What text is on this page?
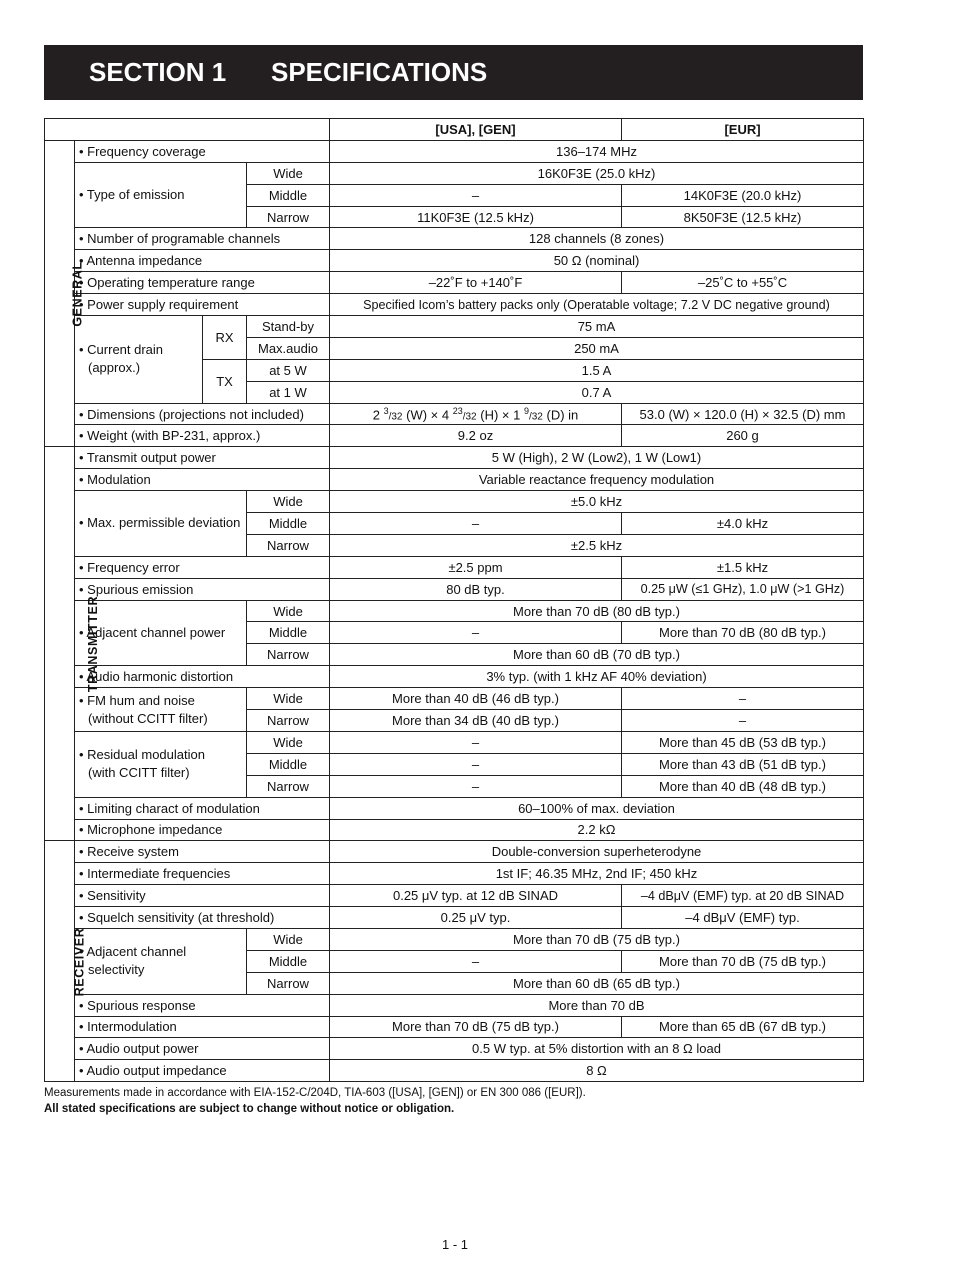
SECTION 1	SPECIFICATIONS
				[USA], [GEN]	[EUR]
GENERAL	• Frequency coverage			136–174 MHz	
	• Type of emission		Wide	16K0F3E (25.0 kHz)	
			Middle	–	14K0F3E (20.0 kHz)
			Narrow	11K0F3E (12.5 kHz)	8K50F3E (12.5 kHz)
	• Number of programable channels			128 channels (8 zones)	
	• Antenna impedance			50 Ω (nominal)	
	• Operating temperature range			–22˚F to +140˚F	–25˚C to +55˚C
	• Power supply requirement			Specified Icom’s battery packs only (Operatable voltage; 7.2 V DC negative ground)	
	• Current drain
(approx.)	RX	Stand-by	75 mA	
			Max.audio	250 mA	
		TX	at 5 W	1.5 A	
			at 1 W	0.7 A	
	• Dimensions (projections not included)			2 $^3$/32 (W) × 4 $^{23}$/32 (H) × 1 $^9$/32 (D) in	53.0 (W) × 120.0 (H) × 32.5 (D) mm
	• Weight (with BP-231, approx.)			9.2 oz	260 g
TRANSMITTER	• Transmit output power			5 W (High), 2 W (Low2), 1 W (Low1)	
	• Modulation			Variable reactance frequency modulation	
	• Max. permissible deviation		Wide	±5.0 kHz	
			Middle	–	±4.0 kHz
			Narrow	±2.5 kHz	
	• Frequency error			±2.5 ppm	±1.5 kHz
	• Spurious emission			80 dB typ.	0.25 μW (≤1 GHz), 1.0 μW (>1 GHz)
	• Adjacent channel power		Wide	More than 70 dB (80 dB typ.)	
			Middle	–	More than 70 dB (80 dB typ.)
			Narrow	More than 60 dB (70 dB typ.)	
	• Audio harmonic distortion			3% typ. (with 1 kHz AF 40% deviation)	
	• FM hum and noise
(without CCITT filter)		Wide	More than 40 dB (46 dB typ.)	–
			Narrow	More than 34 dB (40 dB typ.)	–
	• Residual modulation
(with CCITT filter)		Wide	–	More than 45 dB (53 dB typ.)
			Middle	–	More than 43 dB (51 dB typ.)
			Narrow	–	More than 40 dB (48 dB typ.)
	• Limiting charact of modulation			60–100% of max. deviation	
	• Microphone impedance			2.2 kΩ	
RECEIVER	• Receive system			Double-conversion superheterodyne	
	• Intermediate frequencies			1st IF; 46.35 MHz, 2nd IF; 450 kHz	
	• Sensitivity			0.25 μV typ. at 12 dB SINAD	–4 dBμV (EMF) typ. at 20 dB SINAD
	• Squelch sensitivity (at threshold)			0.25 μV typ.	–4 dBμV (EMF) typ.
	• Adjacent channel
selectivity		Wide	More than 70 dB (75 dB typ.)	
			Middle	–	More than 70 dB (75 dB typ.)
			Narrow	More than 60 dB (65 dB typ.)	
	• Spurious response			More than 70 dB	
	• Intermodulation			More than 70 dB (75 dB typ.)	More than 65 dB (67 dB typ.)
	• Audio output power			0.5 W typ. at 5% distortion with an 8 Ω load	
	• Audio output impedance			8 Ω	
Measurements made in accordance with EIA-152-C/204D, TIA-603 ([USA], [GEN]) or EN 300 086 ([EUR]).
All stated specifications are subject to change without notice or obligation.
1 - 1
